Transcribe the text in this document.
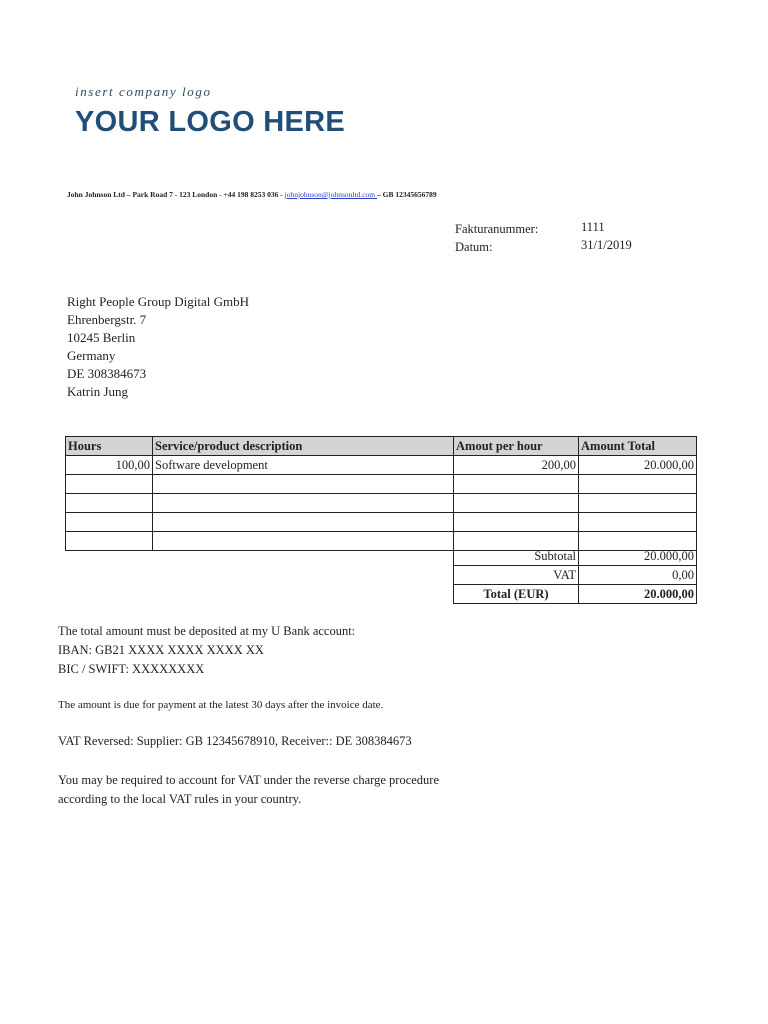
insert company logo
YOUR LOGO HERE
John Johnson Ltd – Park Road 7 - 123 London - +44 198 8253 036 - johnjohnson@johnsonltd.com – GB 12345656789
Fakturanummer:	1111
Datum:	31/1/2019
Right People Group Digital GmbH
Ehrenbergstr. 7
10245 Berlin
Germany
DE 308384673
Katrin Jung
Hours	Service/product description	Amout per hour	Amount Total
100,00	Software development	200,00	20.000,00

Subtotal	20.000,00
VAT	0,00
Total (EUR)	20.000,00
The total amount must be deposited at my U Bank account:
IBAN: GB21 XXXX XXXX XXXX XX
BIC / SWIFT: XXXXXXXX
The amount is due for payment at the latest 30 days after the invoice date.
VAT Reversed: Supplier: GB 12345678910, Receiver:: DE 308384673
You may be required to account for VAT under the reverse charge procedure
according to the local VAT rules in your country.
